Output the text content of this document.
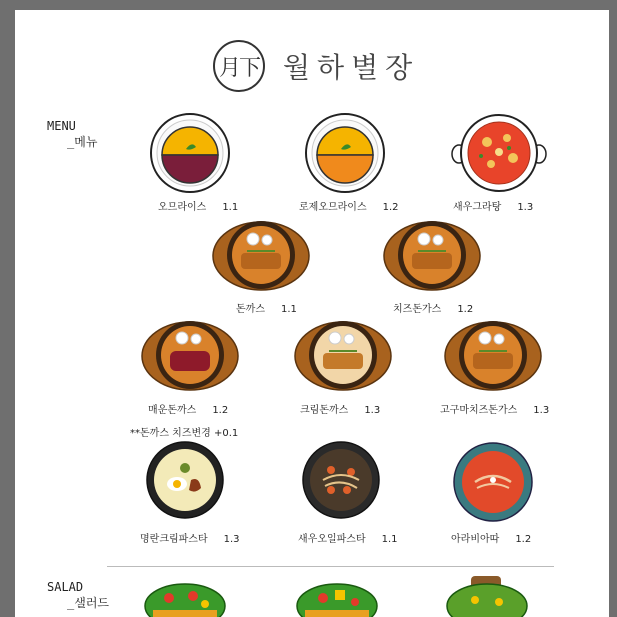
月下 월하별장
MENU
_메뉴
오므라이스 1.1	로제오므라이스 1.2	새우그라탕 1.3
돈까스 1.1	치즈돈가스 1.2
매운돈까스 1.2	크림돈까스 1.3	고구마치즈돈가스 1.3
**돈까스 치즈변경 +0.1
명란크림파스타 1.3	새우오일파스타 1.1	아라비아따 1.2
SALAD
_샐러드
